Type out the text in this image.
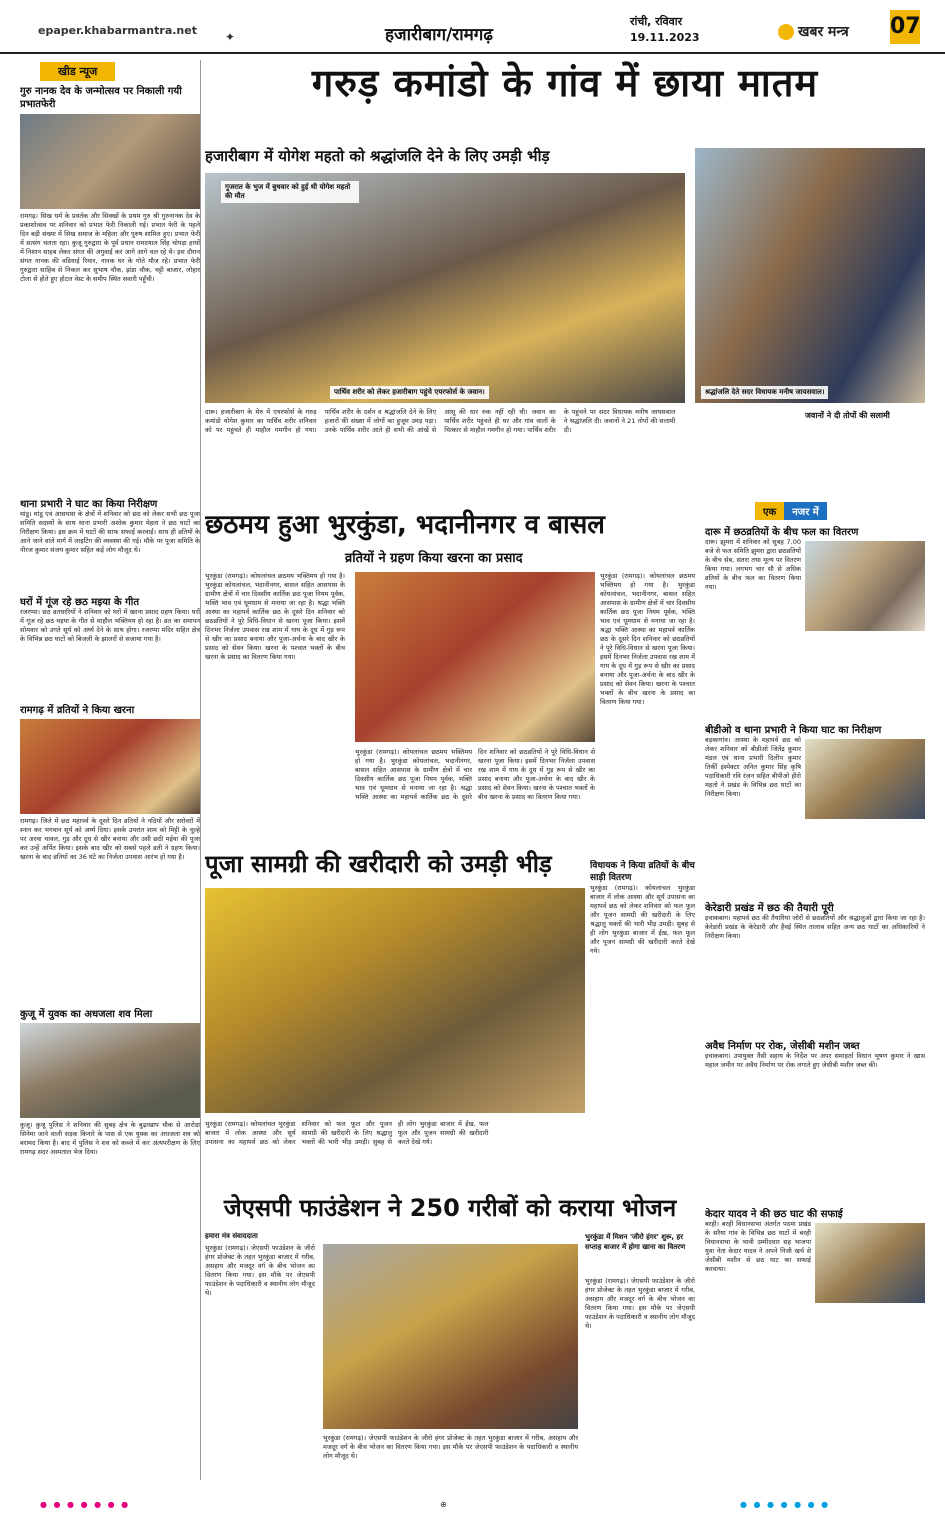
epaper.khabarmantra.net ✦	हजारीबाग/रामगढ़
रांची, रविवार
19.11.2023	खबर मन्त्र 07
खीड न्यूज
गुरु नानक देव के जन्मोत्सव पर निकाली गयी प्रभातफेरी
रामगढ़। सिख धर्म के प्रवर्तक और सिक्खों के प्रथम गुरु श्री गुरुनानक देव के प्रकाशोत्सव पर शनिवार को प्रभात फेरी निकाली गई। प्रभात फेरी के पहले दिन बड़ी संख्या में सिख समाज के महिला और पुरुष शामिल हुए। प्रभात फेरी में सत्संग चलता रहा। कुजू गुरुद्वारा के पूर्व प्रधान रामदयाल सिंह चोपड़ा हाथों में निशान साहब लेकर संगत की अगुवाई कर आगे आगे चल रहे थे। इस दौरान संगत नानक की वडियाई रिमार, नानक घर के गोते मौज रहे। प्रभात फेरी गुरुद्वारा साहिब से निकल कर सुभाष चौक, झंडा चौक, चट्टी बाजार, लोहार टोला से होते हुए होटल वेस्ट के समीप स्थित सवारी पहुँची।
थाना प्रभारी ने घाट का किया निरीक्षण
मांडू। मांडू एवं आसपास के क्षेत्रों में शनिवार को छठ को लेकर सभी छठ पूजा समिति सदस्यों के साथ थाना प्रभारी अशोक कुमार मेहता ने छठ घाटों का निरीक्षण किया। इस क्रम में घाटों की साफ सफाई करवाई। साथ ही व्रतियों के आने जाने वाले मार्ग में लाइटिंग की व्यवस्था की गई। मौके पर पूजा समिति के नीरज कुमार संजय कुमार सहित कई लोग मौजूद थे।
घरों में गूंज रहे छठ मइया के गीत
रजरप्पा। छठ व्रतधारियों ने शनिवार को घरों में खरना प्रसाद ग्रहण किया। घरों में गूंज रहे छठ मइया के गीत से माहौल भक्तिमय हो रहा है। व्रत का समापन सोमवार को उगते सूर्य को अर्घ्य देने के साथ होगा। रजरप्पा मंदिर सहित क्षेत्र के विभिन्न छठ घाटों को बिजली के झालरों से सजाया गया है।
रामगढ़ में व्रतियों ने किया खरना
रामगढ़। जिले में छठ महापर्व के दूसरे दिन व्रतियों ने नदियों और सरोवरों में स्नान कर भगवान सूर्य को अर्घ्य दिया। इसके उपरांत शाम को मिट्टी के चूल्हे पर अरवा चावल, गुड़ और दूध से खीर बनाया और उसी छठी मईया की पूजा कर उन्हें अर्पित किया। इसके बाद खीर को सबसे पहले व्रती ने ग्रहण किया। खरना के बाद व्रतियों का 36 घंटे का निर्जला उपवास आरंभ हो गया है।
कुजू में युवक का अधजला शव मिला
कुजू। कुजू पुलिस ने शनिवार की सुबह क्षेत्र के बुढ़ाखाप चौक से आरोडा सिनेमा जाने वाली सड़क किनारे के पास से एक युवक का अधजला शव को बरामद किया है। बाद में पुलिस ने शव को कब्जे में कर अंत्यपरीक्षण के लिए रामगढ़ सदर अस्पताल भेज दिया।
गरुड़ कमांडो के गांव में छाया मातम
हजारीबाग में योगेश महतो को श्रद्धांजलि देने के लिए उमड़ी भीड़
गुजरात के भुज में बुधवार को हुई थी योगेश महतो की मौत
पार्थिव शरीर को लेकर हजारीबाग पहुंचे एयरफोर्स के जवान।	श्रद्धांजलि देते सदर विधायक मनीष जायसवाल।
दारू। हजारीबाग के मेरु में एयरफोर्स के गरुड़ कमांडो योगेश कुमार का पार्थिव शरीर शनिवार को पर पहुंचते ही माहौल गमगीन हो गया। पार्थिव शरीर के दर्शन व श्रद्धांजलि देने के लिए हजारों की संख्या में लोगों का हुजूम उमड़ पड़ा। उनके पार्थिव शरीर आते ही सभी की आंखें से आंसू की धार रुक नहीं रही थी। जवान का पार्थिव शरीर पहुंचते ही घर और गांव वालों के चित्कार से माहौल गमगीन हो गया। पार्थिव शरीर के पहुंचने पर सदर विधायक मनीष जायसवाल ने श्रद्धांजलि दी। जवानों ने 21 तोपों की सलामी दी।
जवानों ने दी तोपों की सलामी
छठमय हुआ भुरकुंडा, भदानीनगर व बासल
व्रतियों ने ग्रहण किया खरना का प्रसाद
भुरकुंडा (रामगढ़)। कोयलांचल छठमय भक्तिमय हो गया है। भुरकुंडा कोयलांचल, भदानीनगर, बासल सहित आसपास के ग्रामीण क्षेत्रों में चार दिवसीय कार्तिक छठ पूजा नियम पूर्वक, भक्ति भाव एवं धूमधाम से मनाया जा रहा है। श्रद्धा भक्ति आस्था का महापर्व कार्तिक छठ के दूसरे दिन शनिवार को छठव्रतियों ने पूरे विधि-विधान से खरना पूजा किया। इसमें दिनभर निर्जला उपवास रख शाम में गाय के दूध में गुड़ रूप से खीर का प्रसाद बनाया और पूजा-अर्चना के बाद खीर के प्रसाद को सेवन किया। खरना के पश्चात भक्तों के बीच खरना के प्रसाद का वितरण किया गया।
भुरकुंडा (रामगढ़)। कोयलांचल छठमय भक्तिमय हो गया है। भुरकुंडा कोयलांचल, भदानीनगर, बासल सहित आसपास के ग्रामीण क्षेत्रों में चार दिवसीय कार्तिक छठ पूजा नियम पूर्वक, भक्ति भाव एवं धूमधाम से मनाया जा रहा है। श्रद्धा भक्ति आस्था का महापर्व कार्तिक छठ के दूसरे दिन शनिवार को छठव्रतियों ने पूरे विधि-विधान से खरना पूजा किया। इसमें दिनभर निर्जला उपवास रख शाम में गाय के दूध में गुड़ रूप से खीर का प्रसाद बनाया और पूजा-अर्चना के बाद खीर के प्रसाद को सेवन किया। खरना के पश्चात भक्तों के बीच खरना के प्रसाद का वितरण किया गया।
भुरकुंडा (रामगढ़)। कोयलांचल छठमय भक्तिमय हो गया है। भुरकुंडा कोयलांचल, भदानीनगर, बासल सहित आसपास के ग्रामीण क्षेत्रों में चार दिवसीय कार्तिक छठ पूजा नियम पूर्वक, भक्ति भाव एवं धूमधाम से मनाया जा रहा है। श्रद्धा भक्ति आस्था का महापर्व कार्तिक छठ के दूसरे दिन शनिवार को छठव्रतियों ने पूरे विधि-विधान से खरना पूजा किया। इसमें दिनभर निर्जला उपवास रख शाम में गाय के दूध में गुड़ रूप से खीर का प्रसाद बनाया और पूजा-अर्चना के बाद खीर के प्रसाद को सेवन किया। खरना के पश्चात भक्तों के बीच खरना के प्रसाद का वितरण किया गया।
पूजा सामग्री की खरीदारी को उमड़ी भीड़
भुरकुंडा (रामगढ़)। कोयलांचल भुरकुंडा बाजार में लोक आस्था और सूर्य उपासना का महापर्व छठ को लेकर शनिवार को फल फूल और पूजन सामग्री की खरीदारी के लिए श्रद्धालु भक्तों की भारी भीड़ उमड़ी। सुबह से ही लोग भुरकुंडा बाजार में ईख, फल फूल और पूजन सामग्री की खरीदारी करते देखे गये।
विधायक ने किया व्रतियों के बीच साड़ी वितरण
भुरकुंडा (रामगढ़)। कोयलांचल भुरकुंडा बाजार में लोक आस्था और सूर्य उपासना का महापर्व छठ को लेकर शनिवार को फल फूल और पूजन सामग्री की खरीदारी के लिए श्रद्धालु भक्तों की भारी भीड़ उमड़ी। सुबह से ही लोग भुरकुंडा बाजार में ईख, फल फूल और पूजन सामग्री की खरीदारी करते देखे गये।
जेएसपी फाउंडेशन ने 250 गरीबों को कराया भोजन
भुरकुंडा में मिशन 'जीरो हंगर' शुरू, हर सप्ताह बाजार में होगा खाना का वितरण
हमारा मंत्र संवाददाता
भुरकुंडा (रामगढ़)। जेएसपी फाउंडेशन के जीरो हंगर प्रोजेक्ट के तहत भुरकुंडा बाजार में गरीब, असहाय और मजदूर वर्ग के बीच भोजन का वितरण किया गया। इस मौके पर जेएसपी फाउंडेशन के पदाधिकारी व स्थानीय लोग मौजूद थे।
भुरकुंडा (रामगढ़)। जेएसपी फाउंडेशन के जीरो हंगर प्रोजेक्ट के तहत भुरकुंडा बाजार में गरीब, असहाय और मजदूर वर्ग के बीच भोजन का वितरण किया गया। इस मौके पर जेएसपी फाउंडेशन के पदाधिकारी व स्थानीय लोग मौजूद थे।
भुरकुंडा (रामगढ़)। जेएसपी फाउंडेशन के जीरो हंगर प्रोजेक्ट के तहत भुरकुंडा बाजार में गरीब, असहाय और मजदूर वर्ग के बीच भोजन का वितरण किया गया। इस मौके पर जेएसपी फाउंडेशन के पदाधिकारी व स्थानीय लोग मौजूद थे।
एक नजर में
दारू में छठव्रतियों के बीच फल का वितरण
दारू। झुमरा में शनिवार को सुबह 7.00 बजे से फल समिति झुमरा द्वारा छठव्रतियों के बीच सेब, संतरा तथा मूल्य पर वितरण किया गया। लगभग चार सौ से अधिक व्रतियों के बीच फल का वितरण किया गया।
बीडीओ व थाना प्रभारी ने किया घाट का निरीक्षण
बड़कागांव। आस्था के महापर्व छठ को लेकर शनिवार को बीडीओ जितेंद्र कुमार मंडल एवं थाना प्रभारी दिलीप कुमार तिर्की इंस्पेक्टर अनित कुमार सिंह कृषि पदाधिकारी रवि रंजन सहित बीपीओ हीरो महतो ने प्रखंड के विभिन्न छठ घाटों का निरीक्षण किया।
केरेडारी प्रखंड में छठ की तैयारी पूरी
इचाकबाग। महापर्व छठ की तैयारियां जोरों से छठव्रतियों और श्रद्धालुओं द्वारा किया जा रहा है। केरेडारी प्रखंड के केरेडारी और हैवई स्थित तालाब सहित अन्य छठ घाटों का अधिकारियों ने निरीक्षण किया।
अवैध निर्माण पर रोक, जेसीबी मशीन जब्त
इचाकबाग। उपायुक्त नैंसी सहाय के निर्देश पर अपर समाहर्ता विधान भूषण कुमार ने खास महाल जमीन पर अवैध निर्माण पर रोक लगाते हुए जेसीबी मशीन जब्त की।
केदार यादव ने की छठ घाट की सफाई
बरही। बरही विधानसभा अंतर्गत पदमा प्रखंड के सरैया गांव के विभिन्न छठ घाटों में बरही विधानसभा के भावी उम्मीदवार सह भाजपा युवा नेता केदार यादव ने अपने निजी खर्च से जेसीबी मशीन से छठ घाट का सफाई करवाया।
● ● ● ● ● ● ●	⊕	● ● ● ● ● ● ●
